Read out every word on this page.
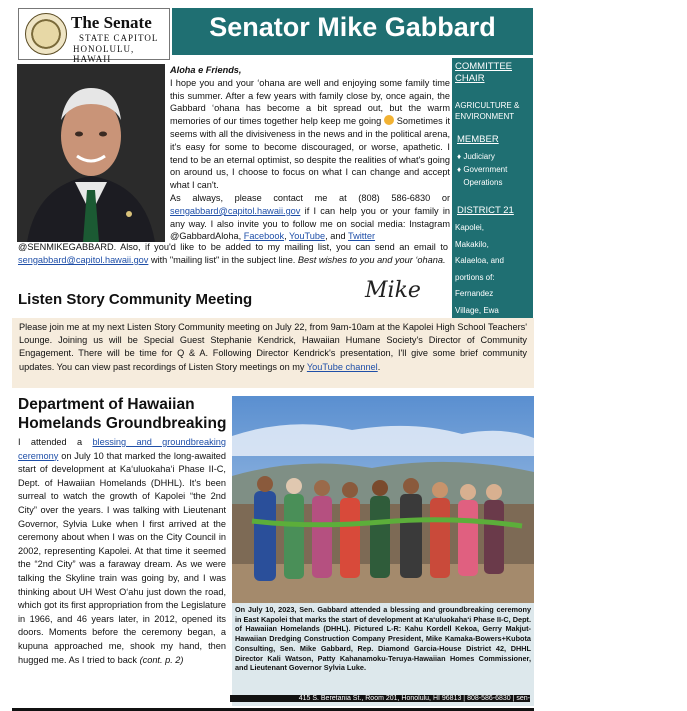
The Senate
STATE CAPITOL
HONOLULU, HAWAII
Senator Mike Gabbard
July 2023 Vol. 17 Issue 7
Aloha e Friends,
I hope you and your ‘ohana are well and enjoying some family time this summer. After a few years with family close by, once again, the Gabbard ‘ohana has become a bit spread out, but the warm memories of our times together help keep me going Sometimes it seems with all the divisiveness in the news and in the political arena, it's easy for some to become discouraged, or worse, apathetic. I tend to be an eternal optimist, so despite the realities of what's going on around us, I choose to focus on what I can change and accept what I can't.
As always, please contact me at (808) 586-6830 or sengabbard@capitol.hawaii.gov if I can help you or your family in any way. I also invite you to follow me on social media: Instagram @GabbardAloha, Facebook, YouTube, and Twitter
@SENMIKEGABBARD. Also, if you'd like to be added to my mailing list, you can send an email to sengabbard@capitol.hawaii.gov with "mailing list" in the subject line. Best wishes to you and your ‘ohana.
Mike
COMMITTEE CHAIR
AGRICULTURE & ENVIRONMENT
MEMBER
♦ Judiciary
♦ Government Operations
DISTRICT 21
Kapolei,
Makakilo,
Kalaeloa, and
portions of:
Fernandez
Village, Ewa
Listen Story Community Meeting
Please join me at my next Listen Story Community meeting on July 22, from 9am-10am at the Kapolei High School Teachers' Lounge. Joining us will be Special Guest Stephanie Kendrick, Hawaiian Humane Society's Director of Community Engagement. There will be time for Q & A. Following Director Kendrick's presentation, I'll give some brief community updates. You can view past recordings of Listen Story meetings on my YouTube channel.
Department of Hawaiian Homelands Groundbreaking
I attended a blessing and groundbreaking ceremony on July 10 that marked the long-awaited start of development at Ka‘uluokaha‘i Phase II-C, Dept. of Hawaiian Homelands (DHHL). It's been surreal to watch the growth of Kapolei “the 2nd City” over the years. I was talking with Lieutenant Governor, Sylvia Luke when I first arrived at the ceremony about when I was on the City Council in 2002, representing Kapolei. At that time it seemed the “2nd City” was a faraway dream. As we were talking the Skyline train was going by, and I was thinking about UH West O‘ahu just down the road, which got its first appropriation from the Legislature in 1966, and 46 years later, in 2012, opened its doors. Moments before the ceremony began, a kupuna approached me, shook my hand, then hugged me. As I tried to back (cont. p. 2)
On July 10, 2023, Sen. Gabbard attended a blessing and groundbreaking ceremony in East Kapolei that marks the start of development at Ka‘uluokaha‘i Phase II-C, Dept. of Hawaiian Homelands (DHHL). Pictured L-R: Kahu Kordell Kekoa, Gerry Makjut-Hawaiian Dredging Construction Company President, Mike Kamaka-Bowers+Kubota Consulting, Sen. Mike Gabbard, Rep. Diamond Garcia-House District 42, DHHL Director Kali Watson, Patty Kahanamoku-Teruya-Hawaiian Homes Commissioner, and Lieutenant Governor Sylvia Luke.
415 S. Beretania St., Room 201, Honolulu, HI 96813 | 808-586-6830 | sen-
